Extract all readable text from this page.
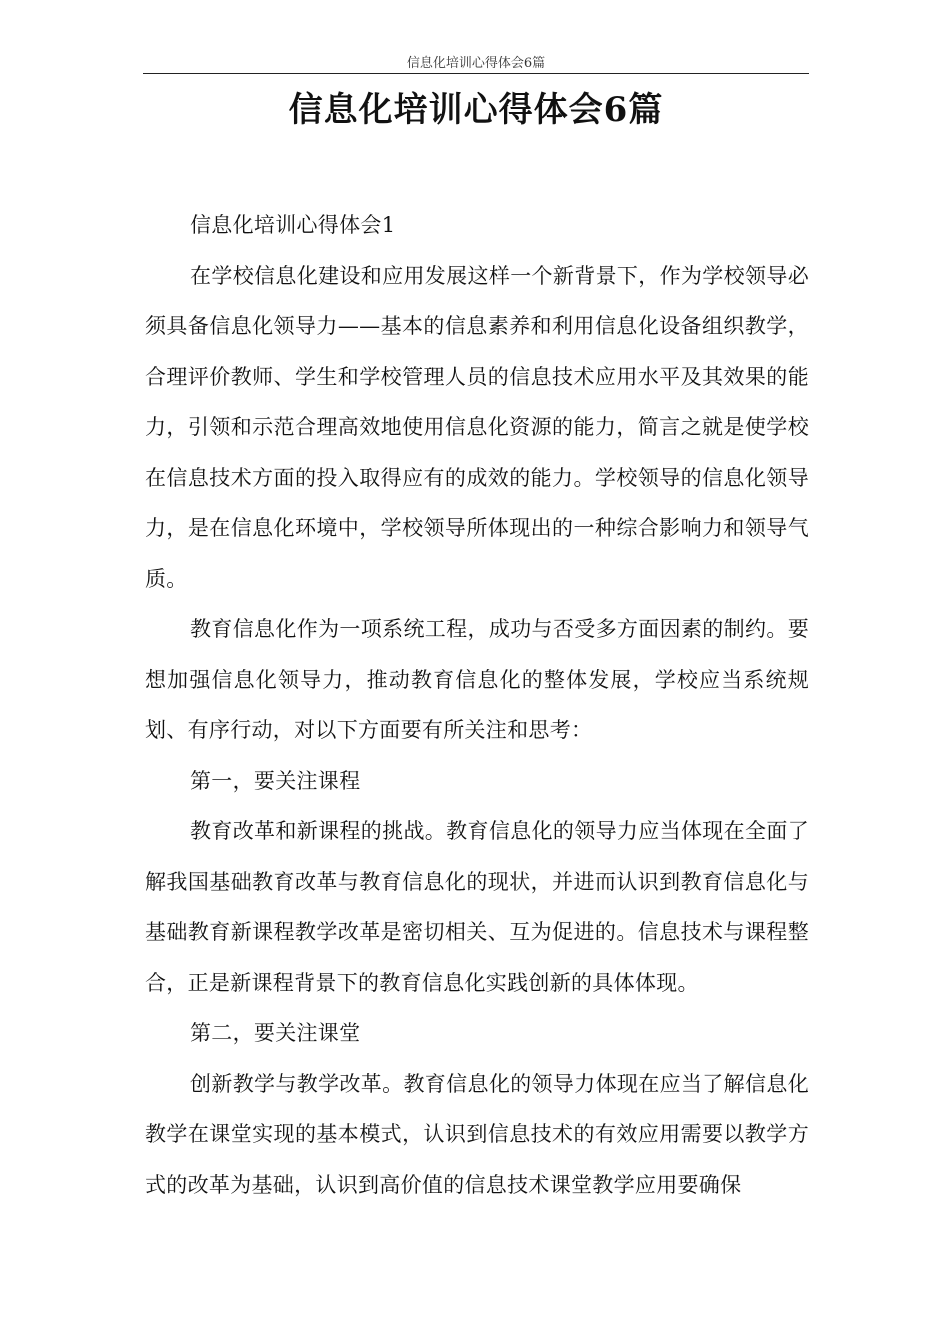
信息化培训心得体会6篇
信息化培训心得体会6篇

信息化培训心得体会1

在学校信息化建设和应用发展这样一个新背景下，作为学校领导必须具备信息化领导力——基本的信息素养和利用信息化设备组织教学，合理评价教师、学生和学校管理人员的信息技术应用水平及其效果的能力，引领和示范合理高效地使用信息化资源的能力，简言之就是使学校在信息技术方面的投入取得应有的成效的能力。学校领导的信息化领导力，是在信息化环境中，学校领导所体现出的一种综合影响力和领导气质。

教育信息化作为一项系统工程，成功与否受多方面因素的制约。要想加强信息化领导力，推动教育信息化的整体发展，学校应当系统规划、有序行动，对以下方面要有所关注和思考：

第一，要关注课程

教育改革和新课程的挑战。教育信息化的领导力应当体现在全面了解我国基础教育改革与教育信息化的现状，并进而认识到教育信息化与基础教育新课程教学改革是密切相关、互为促进的。信息技术与课程整合，正是新课程背景下的教育信息化实践创新的具体体现。

第二，要关注课堂

创新教学与教学改革。教育信息化的领导力体现在应当了解信息化教学在课堂实现的基本模式，认识到信息技术的有效应用需要以教学方式的改革为基础，认识到高价值的信息技术课堂教学应用要确保
